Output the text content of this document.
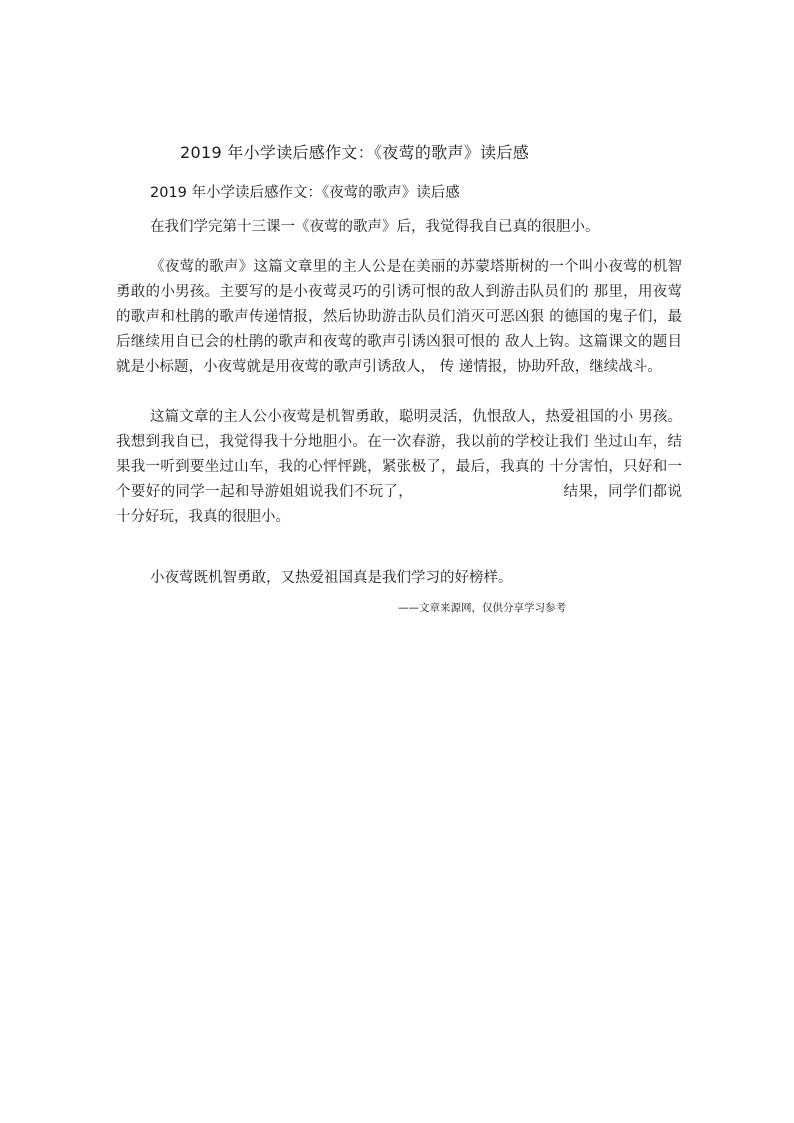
2019 年小学读后感作文：《夜莺的歌声》读后感
2019 年小学读后感作文：《夜莺的歌声》读后感

在我们学完第十三课一《夜莺的歌声》后，我觉得我自已真的很胆小。

《夜莺的歌声》这篇文章里的主人公是在美丽的苏蒙塔斯树的一个叫小夜莺的机智勇敢的小男孩。主要写的是小夜莺灵巧的引诱可恨的敌人到游击队员们的 那里，用夜莺的歌声和杜鹃的歌声传递情报，然后协助游击队员们消灭可恶凶狠 的德国的鬼子们，最后继续用自已会的杜鹃的歌声和夜莺的歌声引诱凶狠可恨的 敌人上钩。这篇课文的题目就是小标题，小夜莺就是用夜莺的歌声引诱敌人， 传 递情报，协助歼敌，继续战斗。

这篇文章的主人公小夜莺是机智勇敢，聪明灵活，仇恨敌人，热爱祖国的小 男孩。我想到我自已，我觉得我十分地胆小。在一次春游，我以前的学校让我们 坐过山车，结果我一听到要坐过山车，我的心怦怦跳，紧张极了，最后，我真的 十分害怕，只好和一个要好的同学一起和导游姐姐说我们不玩了，	结果，同学们都说十分好玩，我真的很胆小。

小夜莺既机智勇敢，又热爱祖国真是我们学习的好榜样。

——文章来源网，仅供分享学习参考
